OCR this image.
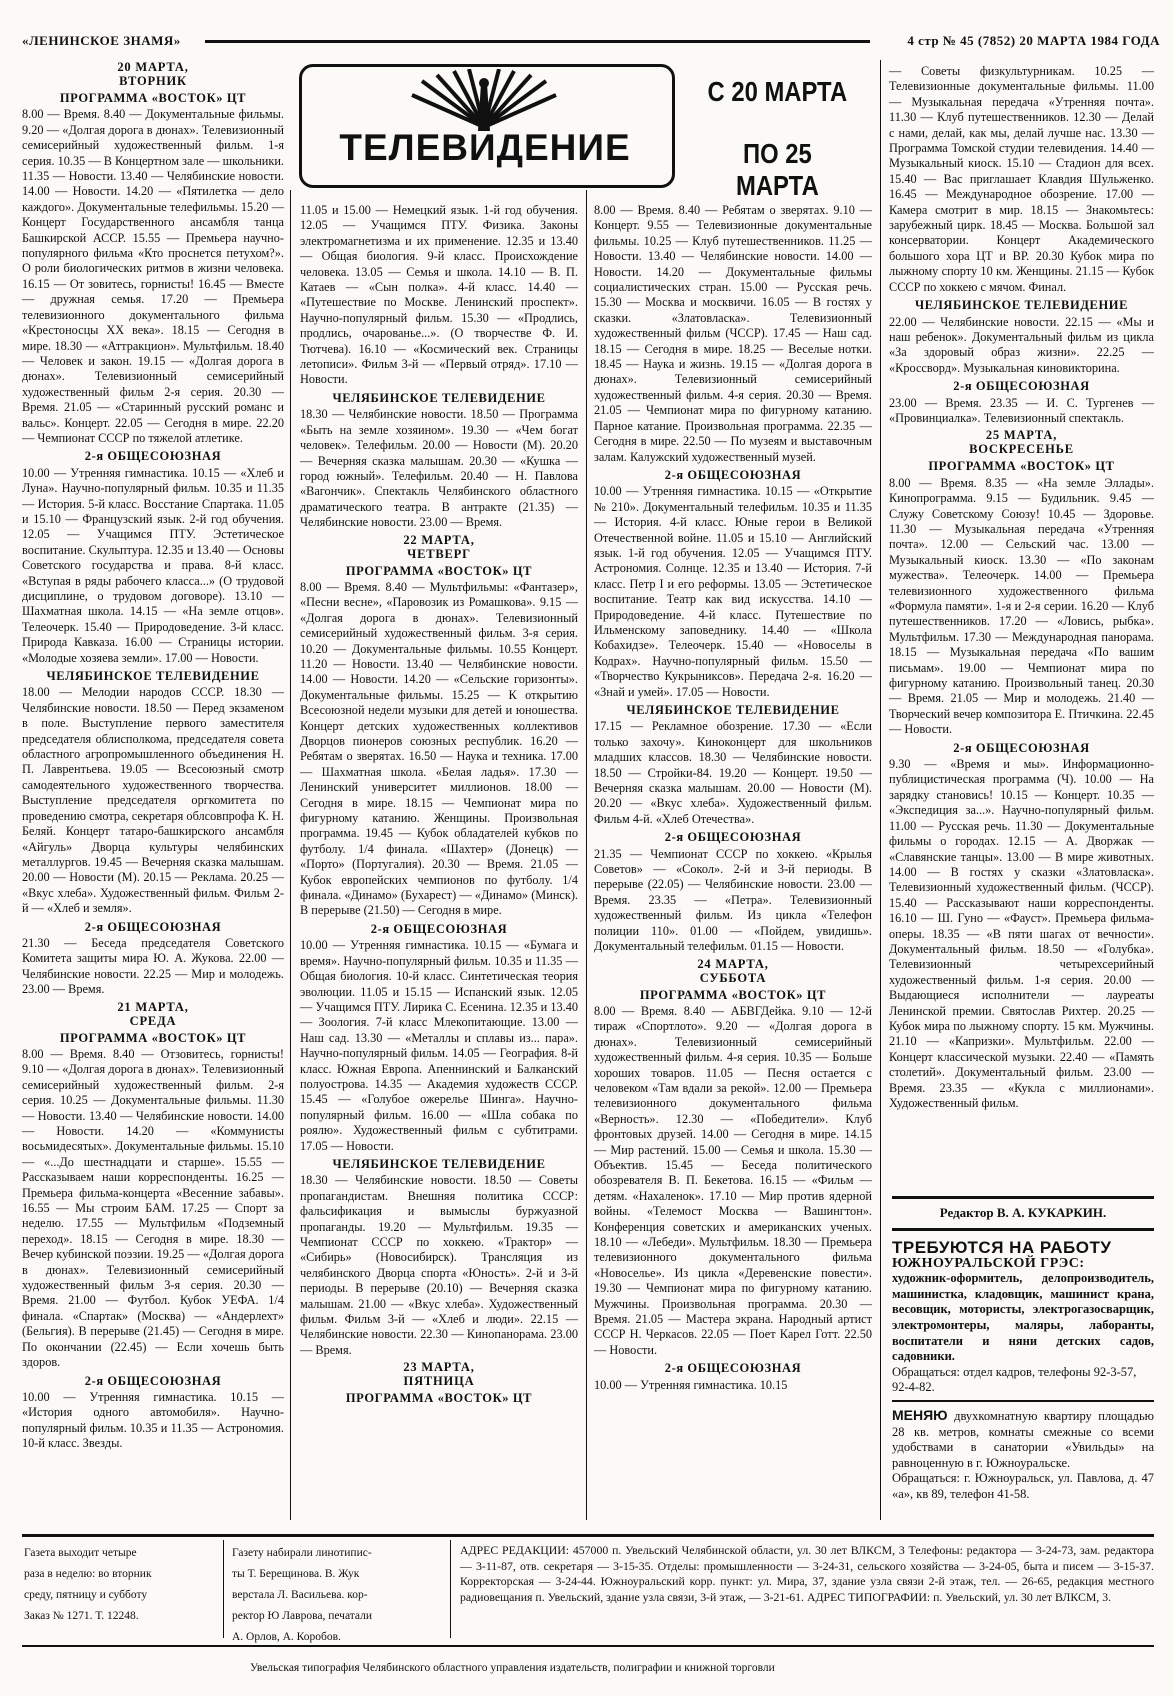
«ЛЕНИНСКОЕ ЗНАМЯ»	4 стр № 45 (7852) 20 МАРТА 1984 ГОДА
20 МАРТА,
ВТОРНИК
ПРОГРАММА «ВОСТОК» ЦТ

8.00 — Время. 8.40 — Документальные фильмы. 9.20 — «Долгая дорога в дюнах». Телевизионный семисерийный художественный фильм. 1-я серия. 10.35 — В Концертном зале — школьники. 11.35 — Новости. 13.40 — Челябинские новости. 14.00 — Новости. 14.20 — «Пятилетка — дело каждого». Документальные телефильмы. 15.20 — Концерт Государственного ансамбля танца Башкирской АССР. 15.55 — Премьера научно-популярного фильма «Кто проснется петухом?». О роли биологических ритмов в жизни человека. 16.15 — От зовитесь, горнисты! 16.45 — Вместе — дружная семья. 17.20 — Премьера телевизионного документального фильма «Крестоносцы XX века». 18.15 — Сегодня в мире. 18.30 — «Аттракцион». Мультфильм. 18.40 — Человек и закон. 19.15 — «Долгая дорога в дюнах». Телевизионный семисерийный художественный фильм 2-я серия. 20.30 — Время. 21.05 — «Старинный русский романс и вальс». Концерт. 22.05 — Сегодня в мире. 22.20 — Чемпионат СССР по тяжелой атлетике.

2-я ОБЩЕСОЮЗНАЯ

10.00 — Утренняя гимнастика. 10.15 — «Хлеб и Луна». Научно-популярный фильм. 10.35 и 11.35 — История. 5-й класс. Восстание Спартака. 11.05 и 15.10 — Французский язык. 2-й год обучения. 12.05 — Учащимся ПТУ. Эстетическое воспитание. Скульптура. 12.35 и 13.40 — Основы Советского государства и права. 8-й класс. «Вступая в ряды рабочего класса...» (О трудовой дисциплине, о трудовом договоре). 13.10 — Шахматная школа. 14.15 — «На земле отцов». Телеочерк. 15.40 — Природоведение. 3-й класс. Природа Кавказа. 16.00 — Страницы истории. «Молодые хозяева земли». 17.00 — Новости.

ЧЕЛЯБИНСКОЕ ТЕЛЕВИДЕНИЕ

18.00 — Мелодии народов СССР. 18.30 — Челябинские новости. 18.50 — Перед экзаменом в поле. Выступление первого заместителя председателя облисполкома, председателя совета областного агропромышленного объединения Н. П. Лаврентьева. 19.05 — Всесоюзный смотр самодеятельного художественного творчества. Выступление председателя оргкомитета по проведению смотра, секретаря облсовпрофа К. Н. Беляй. Концерт татаро-башкирского ансамбля «Айгуль» Дворца культуры челябинских металлургов. 19.45 — Вечерняя сказка малышам. 20.00 — Новости (М). 20.15 — Реклама. 20.25 — «Вкус хлеба». Художественный фильм. Фильм 2-й — «Хлеб и земля».

2-я ОБЩЕСОЮЗНАЯ

21.30 — Беседа председателя Советского Комитета защиты мира Ю. А. Жукова. 22.00 — Челябинские новости. 22.25 — Мир и молодежь. 23.00 — Время.

21 МАРТА,
СРЕДА
ПРОГРАММА «ВОСТОК» ЦТ

8.00 — Время. 8.40 — Отзовитесь, горнисты! 9.10 — «Долгая дорога в дюнах». Телевизионный семисерийный художественный фильм. 2-я серия. 10.25 — Документальные фильмы. 11.30 — Новости. 13.40 — Челябинские новости. 14.00 — Новости. 14.20 — «Коммунисты восьмидесятых». Документальные фильмы. 15.10 — «...До шестнадцати и старше». 15.55 — Рассказываем наши корреспонденты. 16.25 — Премьера фильма-концерта «Весенние забавы». 16.55 — Мы строим БАМ. 17.25 — Спорт за неделю. 17.55 — Мультфильм «Подземный переход». 18.15 — Сегодня в мире. 18.30 — Вечер кубинской поэзии. 19.25 — «Долгая дорога в дюнах». Телевизионный семисерийный художественный фильм 3-я серия. 20.30 — Время. 21.00 — Футбол. Кубок УЕФА. 1/4 финала. «Спартак» (Москва) — «Андерлехт» (Бельгия). В перерыве (21.45) — Сегодня в мире. По окончании (22.45) — Если хочешь быть здоров.

2-я ОБЩЕСОЮЗНАЯ

10.00 — Утренняя гимнастика. 10.15 — «История одного автомобиля». Научно-популярный фильм. 10.35 и 11.35 — Астрономия. 10-й класс. Звезды.

ТЕЛЕВИДЕНИЕ
С 20 МАРТА
ПО 25 МАРТА

11.05 и 15.00 — Немецкий язык. 1-й год обучения. 12.05 — Учащимся ПТУ. Физика. Законы электромагнетизма и их применение. 12.35 и 13.40 — Общая биология. 9-й класс. Происхождение человека. 13.05 — Семья и школа. 14.10 — В. П. Катаев — «Сын полка». 4-й класс. 14.40 — «Путешествие по Москве. Ленинский проспект». Научно-популярный фильм. 15.30 — «Продлись, продлись, очарованье...». (О творчестве Ф. И. Тютчева). 16.10 — «Космический век. Страницы летописи». Фильм 3-й — «Первый отряд». 17.10 — Новости.

ЧЕЛЯБИНСКОЕ ТЕЛЕВИДЕНИЕ

18.30 — Челябинские новости. 18.50 — Программа «Быть на земле хозяином». 19.30 — «Чем богат человек». Телефильм. 20.00 — Новости (М). 20.20 — Вечерняя сказка малышам. 20.30 — «Кушка — город южный». Телефильм. 20.40 — Н. Павлова «Вагончик». Спектакль Челябинского областного драматического театра. В антракте (21.35) — Челябинские новости. 23.00 — Время.

22 МАРТА,
ЧЕТВЕРГ
ПРОГРАММА «ВОСТОК» ЦТ

8.00 — Время. 8.40 — Мультфильмы: «Фантазер», «Песни весне», «Паровозик из Ромашкова». 9.15 — «Долгая дорога в дюнах». Телевизионный семисерийный художественный фильм. 3-я серия. 10.20 — Документальные фильмы. 10.55 Концерт. 11.20 — Новости. 13.40 — Челябинские новости. 14.00 — Новости. 14.20 — «Сельские горизонты». Документальные фильмы. 15.25 — К открытию Всесоюзной недели музыки для детей и юношества. Концерт детских художественных коллективов Дворцов пионеров союзных республик. 16.20 — Ребятам о зверятах. 16.50 — Наука и техника. 17.00 — Шахматная школа. «Белая ладья». 17.30 — Ленинский университет миллионов. 18.00 — Сегодня в мире. 18.15 — Чемпионат мира по фигурному катанию. Женщины. Произвольная программа. 19.45 — Кубок обладателей кубков по футболу. 1/4 финала. «Шахтер» (Донецк) — «Порто» (Португалия). 20.30 — Время. 21.05 — Кубок европейских чемпионов по футболу. 1/4 финала. «Динамо» (Бухарест) — «Динамо» (Минск). В перерыве (21.50) — Сегодня в мире.

2-я ОБЩЕСОЮЗНАЯ

10.00 — Утренняя гимнастика. 10.15 — «Бумага и время». Научно-популярный фильм. 10.35 и 11.35 — Общая биология. 10-й класс. Синтетическая теория эволюции. 11.05 и 15.15 — Испанский язык. 12.05 — Учащимся ПТУ. Лирика С. Есенина. 12.35 и 13.40 — Зоология. 7-й класс Млекопитающие. 13.00 — Наш сад. 13.30 — «Металлы и сплавы из... пара». Научно-популярный фильм. 14.05 — География. 8-й класс. Южная Европа. Апеннинский и Балканский полуострова. 14.35 — Академия художеств СССР. 15.45 — «Голубое ожерелье Шинга». Научно-популярный фильм. 16.00 — «Шла собака по роялю». Художественный фильм с субтитрами. 17.05 — Новости.

ЧЕЛЯБИНСКОЕ ТЕЛЕВИДЕНИЕ

18.30 — Челябинские новости. 18.50 — Советы пропагандистам. Внешняя политика СССР: фальсификация и вымыслы буржуазной пропаганды. 19.20 — Мультфильм. 19.35 — Чемпионат СССР по хоккею. «Трактор» — «Сибирь» (Новосибирск). Трансляция из челябинского Дворца спорта «Юность». 2-й и 3-й периоды. В перерыве (20.10) — Вечерняя сказка малышам. 21.00 — «Вкус хлеба». Художественный фильм. Фильм 3-й — «Хлеб и люди». 22.15 — Челябинские новости. 22.30 — Кинопанорама. 23.00 — Время.

23 МАРТА,
ПЯТНИЦА
ПРОГРАММА «ВОСТОК» ЦТ

8.00 — Время. 8.40 — Ребятам о зверятах. 9.10 — Концерт. 9.55 — Телевизионные документальные фильмы. 10.25 — Клуб путешественников. 11.25 — Новости. 13.40 — Челябинские новости. 14.00 — Новости. 14.20 — Документальные фильмы социалистических стран. 15.00 — Русская речь. 15.30 — Москва и москвичи. 16.05 — В гостях у сказки. «Златовласка». Телевизионный художественный фильм (ЧССР). 17.45 — Наш сад. 18.15 — Сегодня в мире. 18.25 — Веселые нотки. 18.45 — Наука и жизнь. 19.15 — «Долгая дорога в дюнах». Телевизионный семисерийный художественный фильм. 4-я серия. 20.30 — Время. 21.05 — Чемпионат мира по фигурному катанию. Парное катание. Произвольная программа. 22.35 — Сегодня в мире. 22.50 — По музеям и выставочным залам. Калужский художественный музей.

2-я ОБЩЕСОЮЗНАЯ

10.00 — Утренняя гимнастика. 10.15 — «Открытие № 210». Документальный телефильм. 10.35 и 11.35 — История. 4-й класс. Юные герои в Великой Отечественной войне. 11.05 и 15.10 — Английский язык. 1-й год обучения. 12.05 — Учащимся ПТУ. Астрономия. Солнце. 12.35 и 13.40 — История. 7-й класс. Петр I и его реформы. 13.05 — Эстетическое воспитание. Театр как вид искусства. 14.10 — Природоведение. 4-й класс. Путешествие по Ильменскому заповеднику. 14.40 — «Школа Кобахидзе». Телеочерк. 15.40 — «Новоселы в Кодрах». Научно-популярный фильм. 15.50 — «Творчество Кукрыниксов». Передача 2-я. 16.20 — «Знай и умей». 17.05 — Новости.

ЧЕЛЯБИНСКОЕ ТЕЛЕВИДЕНИЕ

17.15 — Рекламное обозрение. 17.30 — «Если только захочу». Киноконцерт для школьников младших классов. 18.30 — Челябинские новости. 18.50 — Стройки-84. 19.20 — Концерт. 19.50 — Вечерняя сказка малышам. 20.00 — Новости (М). 20.20 — «Вкус хлеба». Художественный фильм. Фильм 4-й. «Хлеб Отечества».

2-я ОБЩЕСОЮЗНАЯ

21.35 — Чемпионат СССР по хоккею. «Крылья Советов» — «Сокол». 2-й и 3-й периоды. В перерыве (22.05) — Челябинские новости. 23.00 — Время. 23.35 — «Петра». Телевизионный художественный фильм. Из цикла «Телефон полиции 110». 01.00 — «Пойдем, увидишь». Документальный телефильм. 01.15 — Новости.

24 МАРТА,
СУББОТА
ПРОГРАММА «ВОСТОК» ЦТ

8.00 — Время. 8.40 — АБВГДейка. 9.10 — 12-й тираж «Спортлото». 9.20 — «Долгая дорога в дюнах». Телевизионный семисерийный художественный фильм. 4-я серия. 10.35 — Больше хороших товаров. 11.05 — Песня остается с человеком «Там вдали за рекой». 12.00 — Премьера телевизионного документального фильма «Верность». 12.30 — «Победители». Клуб фронтовых друзей. 14.00 — Сегодня в мире. 14.15 — Мир растений. 15.00 — Семья и школа. 15.30 — Объектив. 15.45 — Беседа политического обозревателя В. П. Бекетова. 16.15 — «Фильм — детям. «Нахаленок». 17.10 — Мир против ядерной войны. «Телемост Москва — Вашингтон». Конференция советских и американских ученых. 18.10 — «Лебеди». Мультфильм. 18.30 — Премьера телевизионного документального фильма «Новоселье». Из цикла «Деревенские повести». 19.30 — Чемпионат мира по фигурному катанию. Мужчины. Произвольная программа. 20.30 — Время. 21.05 — Мастера экрана. Народный артист СССР Н. Черкасов. 22.05 — Поет Карел Готт. 22.50 — Новости.

2-я ОБЩЕСОЮЗНАЯ

10.00 — Утренняя гимнастика. 10.15

— Советы физкультурникам. 10.25 — Телевизионные документальные фильмы. 11.00 — Музыкальная передача «Утренняя почта». 11.30 — Клуб путешественников. 12.30 — Делай с нами, делай, как мы, делай лучше нас. 13.30 — Программа Томской студии телевидения. 14.40 — Музыкальный киоск. 15.10 — Стадион для всех. 15.40 — Вас приглашает Клавдия Шульженко. 16.45 — Международное обозрение. 17.00 — Камера смотрит в мир. 18.15 — Знакомьтесь: зарубежный цирк. 18.45 — Москва. Большой зал консерватории. Концерт Академического большого хора ЦТ и ВР. 20.30 Кубок мира по лыжному спорту 10 км. Женщины. 21.15 — Кубок СССР по хоккею с мячом. Финал.

ЧЕЛЯБИНСКОЕ ТЕЛЕВИДЕНИЕ

22.00 — Челябинские новости. 22.15 — «Мы и наш ребенок». Документальный фильм из цикла «За здоровый образ жизни». 22.25 — «Кроссворд». Музыкальная киновикторина.

2-я ОБЩЕСОЮЗНАЯ

23.00 — Время. 23.35 — И. С. Тургенев — «Провинциалка». Телевизионный спектакль.

25 МАРТА,
ВОСКРЕСЕНЬЕ
ПРОГРАММА «ВОСТОК» ЦТ

8.00 — Время. 8.35 — «На земле Эллады». Кинопрограмма. 9.15 — Будильник. 9.45 — Служу Советскому Союзу! 10.45 — Здоровье. 11.30 — Музыкальная передача «Утренняя почта». 12.00 — Сельский час. 13.00 — Музыкальный киоск. 13.30 — «По законам мужества». Телеочерк. 14.00 — Премьера телевизионного художественного фильма «Формула памяти». 1-я и 2-я серии. 16.20 — Клуб путешественников. 17.20 — «Ловись, рыбка». Мультфильм. 17.30 — Международная панорама. 18.15 — Музыкальная передача «По вашим письмам». 19.00 — Чемпионат мира по фигурному катанию. Произвольный танец. 20.30 — Время. 21.05 — Мир и молодежь. 21.40 — Творческий вечер композитора Е. Птичкина. 22.45 — Новости.

2-я ОБЩЕСОЮЗНАЯ

9.30 — «Время и мы». Информационно-публицистическая программа (Ч). 10.00 — На зарядку становись! 10.15 — Концерт. 10.35 — «Экспедиция за...». Научно-популярный фильм. 11.00 — Русская речь. 11.30 — Документальные фильмы о городах. 12.15 — А. Дворжак — «Славянские танцы». 13.00 — В мире животных. 14.00 — В гостях у сказки «Златовласка». Телевизионный художественный фильм. (ЧССР). 15.40 — Рассказывают наши корреспонденты. 16.10 — Ш. Гуно — «Фауст». Премьера фильма-оперы. 18.35 — «В пяти шагах от вечности». Документальный фильм. 18.50 — «Голубка». Телевизионный четырехсерийный художественный фильм. 1-я серия. 20.00 — Выдающиеся исполнители — лауреаты Ленинской премии. Святослав Рихтер. 20.25 — Кубок мира по лыжному спорту. 15 км. Мужчины. 21.10 — «Капризки». Мультфильм. 22.00 — Концерт классической музыки. 22.40 — «Память столетий». Документальный фильм. 23.00 — Время. 23.35 — «Кукла с миллионами». Художественный фильм.

Редактор В. А. КУКАРКИН.
ТРЕБУЮТСЯ НА РАБОТУ
ЮЖНОУРАЛЬСКОЙ ГРЭС:
художник-оформитель, делопроизводитель, машинистка, кладовщик, машинист крана, весовщик, мотористы, электрогазосварщик, электромонтеры, маляры, лаборанты, воспитатели и няни детских садов, садовники.
Обращаться: отдел кадров, телефоны 92-3-57, 92-4-82.
МЕНЯЮ двухкомнатную квартиру площадью 28 кв. метров, комнаты смежные со всеми удобствами в санатории «Увильды» на равноценную в г. Южноуральске.
Обращаться: г. Южноуральск, ул. Павлова, д. 47 «а», кв 89, телефон 41-58.
Газета выходит четыре
раза в неделю: во вторник
среду, пятницу и субботу
Заказ № 1271. Т. 12248.
Газету набирали линотипис-
ты Т. Берещинова. В. Жук
верстала Л. Васильева. кор-
ректор Ю Лаврова, печатали
А. Орлов, А. Коробов.
АДРЕС РЕДАКЦИИ: 457000 п. Увельский Челябинской области, ул. 30 лет ВЛКСМ, 3 Телефоны: редактора — 3-24-73, зам. редактора — 3-11-87, отв. секретаря — 3-15-35. Отделы: промышленности — 3-24-31, сельского хозяйства — 3-24-05, быта и писем — 3-15-37. Корректорская — 3-24-44. Южноуральский корр. пункт: ул. Мира, 37, здание узла связи 2-й этаж, тел. — 26-65, редакция местного радиовещания п. Увельский, здание узла связи, 3-й этаж, — 3-21-61. АДРЕС ТИПОГРАФИИ: п. Увельский, ул. 30 лет ВЛКСМ, 3.
Увельская типография Челябинского областного управления издательств, полиграфии и книжной торговли
